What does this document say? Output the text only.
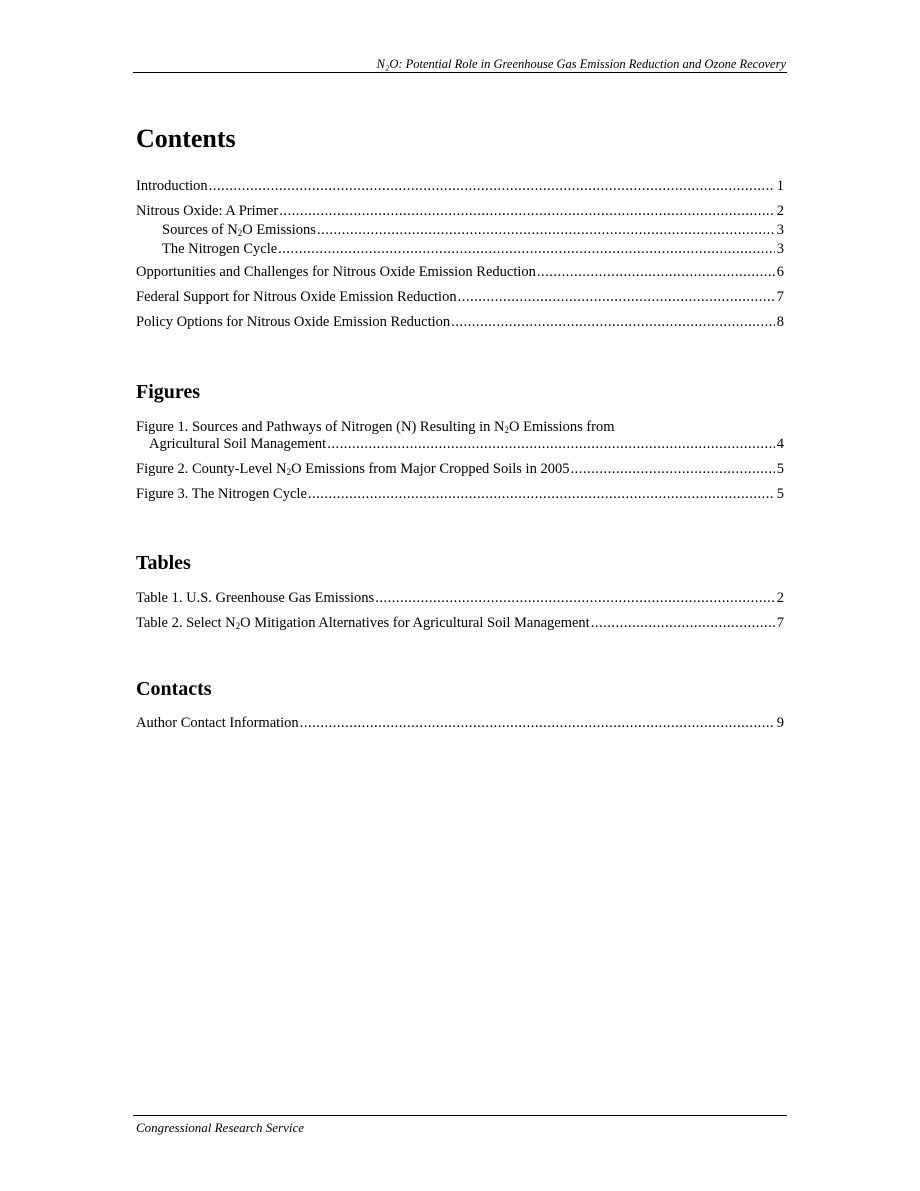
N₂O: Potential Role in Greenhouse Gas Emission Reduction and Ozone Recovery
Contents
Introduction .....	1
Nitrous Oxide: A Primer .....	2
Sources of $N_2O$ Emissions .....	3
The Nitrogen Cycle .....	3
Opportunities and Challenges for Nitrous Oxide Emission Reduction .....	6
Federal Support for Nitrous Oxide Emission Reduction .....	7
Policy Options for Nitrous Oxide Emission Reduction .....	8
Figures
Figure 1. Sources and Pathways of Nitrogen (N) Resulting in $N_2O$ Emissions from
Agricultural Soil Management .....	4
Figure 2. County-Level $N_2O$ Emissions from Major Cropped Soils in 2005 .....	5
Figure 3. The Nitrogen Cycle .....	5
Tables
Table 1. U.S. Greenhouse Gas Emissions .....	2
Table 2. Select $N_2O$ Mitigation Alternatives for Agricultural Soil Management .....	7
Contacts
Author Contact Information .....	9
Congressional Research Service
